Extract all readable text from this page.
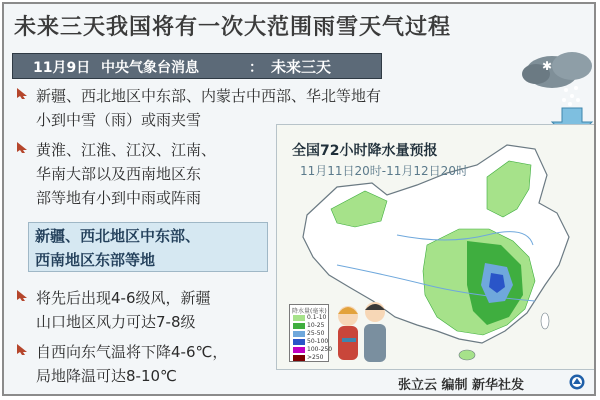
未来三天我国将有一次大范围雨雪天气过程
11月9日 中央气象台消息	： 未来三天
新疆、西北地区中东部、内蒙古中西部、华北等地有
小到中雪（雨）或雨夹雪
黄淮、江淮、江汉、江南、
华南大部以及西南地区东
部等地有小到中雨或阵雨
新疆、西北地区中东部、
西南地区东部等地
将先后出现4-6级风，新疆
山口地区风力可达7-8级
自西向东气温将下降4-6℃，
局地降温可达8-10℃
✱
全国72小时降水量预报
11月11日20时-11月12日20时
降水量(毫米)
0.1-10
10-25
25-50
50-100
100-250
>250
张立云 编制 新华社发
